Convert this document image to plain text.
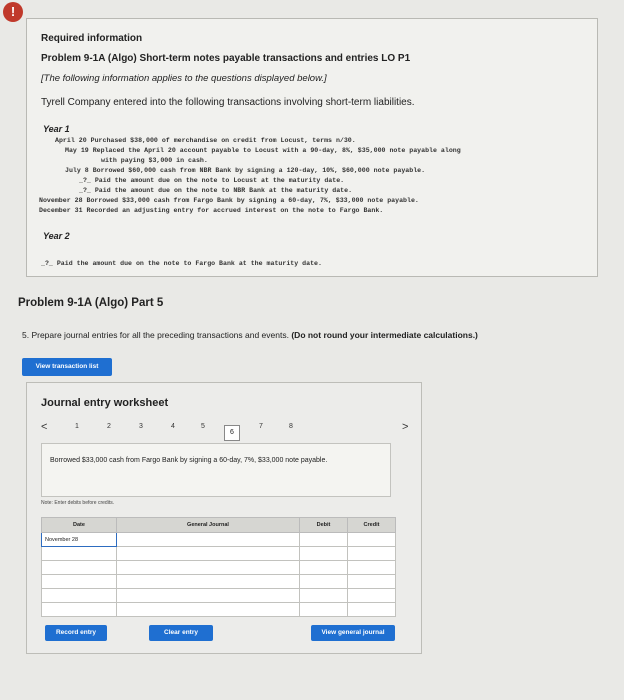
!
Required information
Problem 9-1A (Algo) Short-term notes payable transactions and entries LO P1
[The following information applies to the questions displayed below.]
Tyrell Company entered into the following transactions involving short-term liabilities.
Year 1
April 20 Purchased $38,000 of merchandise on credit from Locust, terms n/30.
May 19 Replaced the April 20 account payable to Locust with a 90-day, 8%, $35,000 note payable along
with paying $3,000 in cash.
July 8 Borrowed $60,000 cash from NBR Bank by signing a 120-day, 10%, $60,000 note payable.
_?_ Paid the amount due on the note to Locust at the maturity date.
_?_ Paid the amount due on the note to NBR Bank at the maturity date.
November 28 Borrowed $33,000 cash from Fargo Bank by signing a 60-day, 7%, $33,000 note payable.
December 31 Recorded an adjusting entry for accrued interest on the note to Fargo Bank.
Year 2
_?_ Paid the amount due on the note to Fargo Bank at the maturity date.
Problem 9-1A (Algo) Part 5
5. Prepare journal entries for all the preceding transactions and events. (Do not round your intermediate calculations.)
View transaction list
Journal entry worksheet
<	1	2	3	4	5
6
7	8	>
Borrowed $33,000 cash from Fargo Bank by signing a 60-day, 7%, $33,000 note payable.
Note: Enter debits before credits.
Date	General Journal	Debit	Credit
November 28			

Record entry	Clear entry	View general journal
